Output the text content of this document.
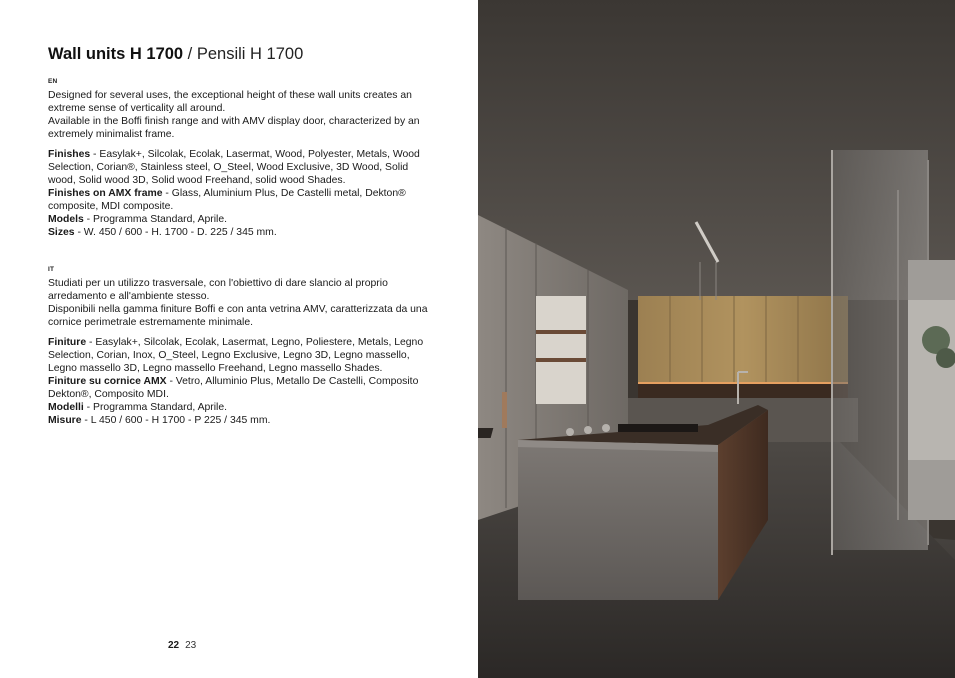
Wall units H 1700 / Pensili H 1700
EN

Designed for several uses, the exceptional height of these wall units creates an extreme sense of verticality all around.

Available in the Boffi finish range and with AMV display door, characterized by an extremely minimalist frame.

Finishes - Easylak+, Silcolak, Ecolak, Lasermat, Wood, Polyester, Metals, Wood Selection, Corian®, Stainless steel, O_Steel, Wood Exclusive, 3D Wood, Solid wood, Solid wood 3D, Solid wood Freehand, solid wood Shades.

Finishes on AMX frame - Glass, Aluminium Plus, De Castelli metal, Dekton® composite, MDI composite.

Models - Programma Standard, Aprile.

Sizes - W. 450 / 600 - H. 1700 - D. 225 / 345 mm.

IT

Studiati per un utilizzo trasversale, con l'obiettivo di dare slancio al proprio arredamento e all'ambiente stesso.

Disponibili nella gamma finiture Boffi e con anta vetrina AMV, caratterizzata da una cornice perimetrale estremamente minimale.

Finiture - Easylak+, Silcolak, Ecolak, Lasermat, Legno, Poliestere, Metals, Legno Selection, Corian, Inox, O_Steel, Legno Exclusive, Legno 3D, Legno massello, Legno massello 3D, Legno massello Freehand, Legno massello Shades.

Finiture su cornice AMX - Vetro, Alluminio Plus, Metallo De Castelli, Composito Dekton®, Composito MDI.

Modelli - Programma Standard, Aprile.

Misure - L 450 / 600 - H 1700 - P 225 / 345 mm.

22 23
